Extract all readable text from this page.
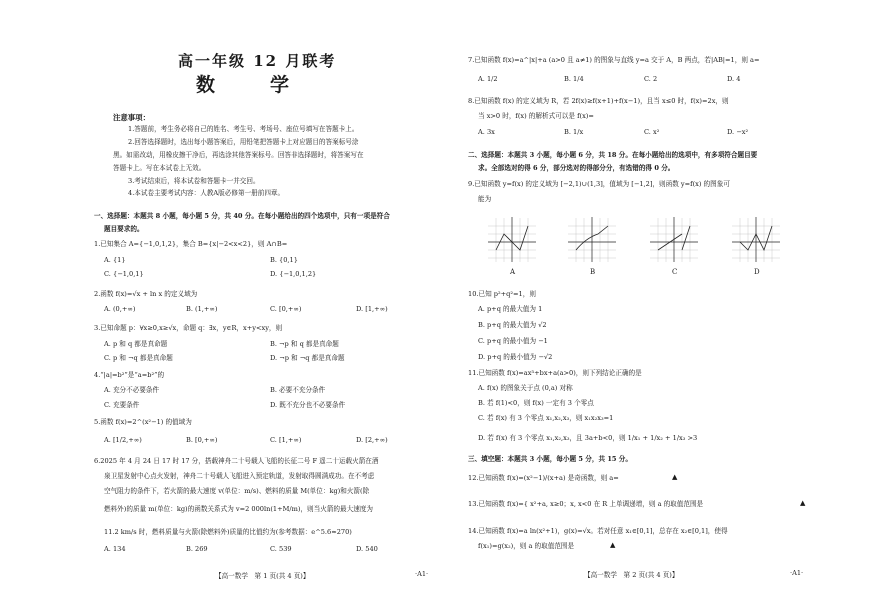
高一年级 12 月联考
数　学
注意事项：
1.答题前，考生务必将自己的姓名、考生号、考场号、座位号填写在答题卡上。
2.回答选择题时，选出每小题答案后，用铅笔把答题卡上对应题目的答案标号涂
黑。如需改动，用橡皮擦干净后，再选涂其他答案标号。回答非选择题时，将答案写在
答题卡上。写在本试卷上无效。
3.考试结束后，将本试卷和答题卡一并交回。
4.本试卷主要考试内容：人教A版必修第一册前四章。
一、选择题：本题共 8 小题，每小题 5 分，共 40 分。在每小题给出的四个选项中，只有一项是符合
题目要求的。
1.已知集合 A={−1,0,1,2}，集合 B={x|−2<x<2}，则 A∩B=
A. {1}	B. {0,1}
C. {−1,0,1}	D. {−1,0,1,2}
2.函数 f(x)=√x + ln x 的定义域为
A. (0,+∞)	B. (1,+∞)	C. [0,+∞)	D. [1,+∞)
3.已知命题 p：∀x≥0,x≥√x，命题 q：∃x，y∈R，x+y<xy，则
A. p 和 q 都是真命题	B. ¬p 和 q 都是真命题
C. p 和 ¬q 都是真命题	D. ¬p 和 ¬q 都是真命题
4.“|a|=b²”是“a=b²”的
A. 充分不必要条件	B. 必要不充分条件
C. 充要条件	D. 既不充分也不必要条件
5.函数 f(x)=2^(x²−1) 的值域为
A. [1/2,+∞)	B. [0,+∞)	C. [1,+∞)	D. [2,+∞)
6.2025 年 4 月 24 日 17 时 17 分，搭载神舟二十号载人飞船的长征二号 F 遥二十运载火箭在酒
泉卫星发射中心点火发射，神舟二十号载人飞船进入预定轨道，发射取得圆满成功。在不考虑
空气阻力的条件下，若火箭的最大速度 v(单位：m/s)、燃料的质量 M(单位：kg)和火箭(除
燃料外)的质量 m(单位：kg)的函数关系式为 v=2 000ln(1+M/m)，则当火箭的最大速度为
11.2 km/s 时，燃料质量与火箭(除燃料外)质量的比值约为(参考数据：e^5.6≈270)
A. 134	B. 269	C. 539	D. 540
【高一数学　第 1 页(共 4 页)】	·A1·
7.已知函数 f(x)=a^|x|+a (a>0 且 a≠1) 的图象与直线 y=a 交于 A，B 两点，若|AB|=1，则 a=
A. 1/2	B. 1/4	C. 2	D. 4
8.已知函数 f(x) 的定义域为 R，若 2f(x)≥f(x+1)+f(x−1)，且当 x≤0 时，f(x)=2x，则
当 x>0 时，f(x) 的解析式可以是 f(x)=
A. 3x	B. 1/x	C. x²	D. −x²
二、选择题：本题共 3 小题，每小题 6 分，共 18 分。在每小题给出的选项中，有多项符合题目要
求。全部选对的得 6 分，部分选对的得部分分，有选错的得 0 分。
9.已知函数 y=f(x) 的定义域为 [−2,1)∪(1,3]，值域为 [−1,2]，则函数 y=f(x) 的图象可
能为
A	B	C	D
10.已知 p²+q²=1，则
A. p+q 的最大值为 1
B. p+q 的最大值为 √2
C. p+q 的最小值为 −1
D. p+q 的最小值为 −√2
11.已知函数 f(x)=ax³+bx+a(a>0)，则下列结论正确的是
A. f(x) 的图象关于点 (0,a) 对称
B. 若 f(1)<0，则 f(x) 一定有 3 个零点
C. 若 f(x) 有 3 个零点 x₁,x₂,x₃，则 x₁x₂x₃=1
D. 若 f(x) 有 3 个零点 x₁,x₂,x₃，且 3a+b<0，则 1/x₁ + 1/x₂ + 1/x₃ >3
三、填空题：本题共 3 小题，每小题 5 分，共 15 分。
12.已知函数 f(x)=(x²−1)/(x+a) 是奇函数，则 a=	▲
13.已知函数 f(x)={ x²+a, x≥0；x, x<0 在 R 上单调递增，则 a 的取值范围是	▲
14.已知函数 f(x)=a ln(x²+1)，g(x)=√x。若对任意 x₁∈[0,1]，总存在 x₂∈[0,1]，使得
f(x₁)=g(x₂)，则 a 的取值范围是	▲
【高一数学　第 2 页(共 4 页)】	·A1·
